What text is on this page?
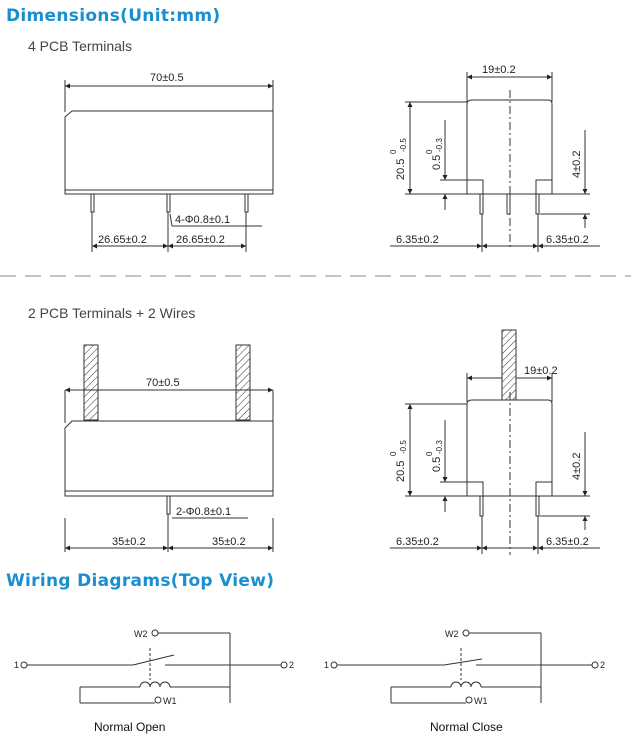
Dimensions(Unit:mm)
4 PCB Terminals
2 PCB Terminals + 2 Wires
Wiring Diagrams(Top View)
70±0.5
4-Φ0.8±0.1
26.65±0.2	26.65±0.2
19±0.2
20.5
0 -0.5
0.5
0 -0.3
4±0.2
6.35±0.2	6.35±0.2
70±0.5
2-Φ0.8±0.1
35±0.2	35±0.2
19±0.2
20.5
0 -0.5
0.5
0 -0.3
4±0.2
6.35±0.2	6.35±0.2
W2
1	2
W1
W2
1	2
W1
Normal Open	Normal Close
